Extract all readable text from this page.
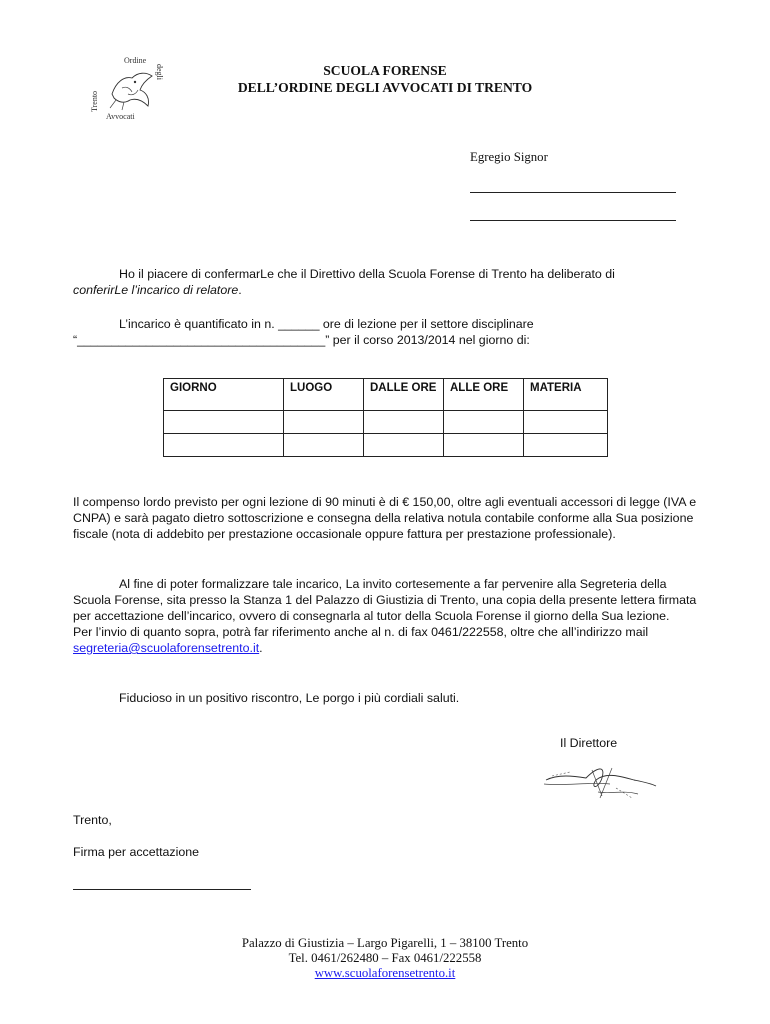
Ordine
degli
Trento
Avvocati
SCUOLA FORENSE
DELL’ORDINE DEGLI AVVOCATI DI TRENTO
Egregio Signor
Ho il piacere di confermarLe che il Direttivo della Scuola Forense di Trento ha deliberato di
conferirLe l’incarico di relatore.
L’incarico è quantificato in n. ______ ore di lezione per il settore disciplinare
“____________________________________” per il corso 2013/2014 nel giorno di:
GIORNO	LUOGO	DALLE ORE	ALLE ORE	MATERIA

Il compenso lordo previsto per ogni lezione di 90 minuti è di € 150,00, oltre agli eventuali accessori di legge (IVA e CNPA) e sarà pagato dietro sottoscrizione e consegna della relativa notula contabile conforme alla Sua posizione fiscale (nota di addebito per prestazione occasionale oppure fattura per prestazione professionale).
Al fine di poter formalizzare tale incarico, La invito cortesemente a far pervenire alla Segreteria della Scuola Forense, sita presso la Stanza 1 del Palazzo di Giustizia di Trento, una copia della presente lettera firmata per accettazione dell’incarico, ovvero di consegnarla al tutor della Scuola Forense il giorno della Sua lezione.
Per l’invio di quanto sopra, potrà far riferimento anche al n. di fax 0461/222558, oltre che all’indirizzo mail segreteria@scuolaforensetrento.it.
Fiducioso in un positivo riscontro, Le porgo i più cordiali saluti.
Il Direttore
Trento,
Firma per accettazione
Palazzo di Giustizia – Largo Pigarelli, 1 – 38100 Trento
Tel. 0461/262480 – Fax 0461/222558
www.scuolaforensetrento.it
